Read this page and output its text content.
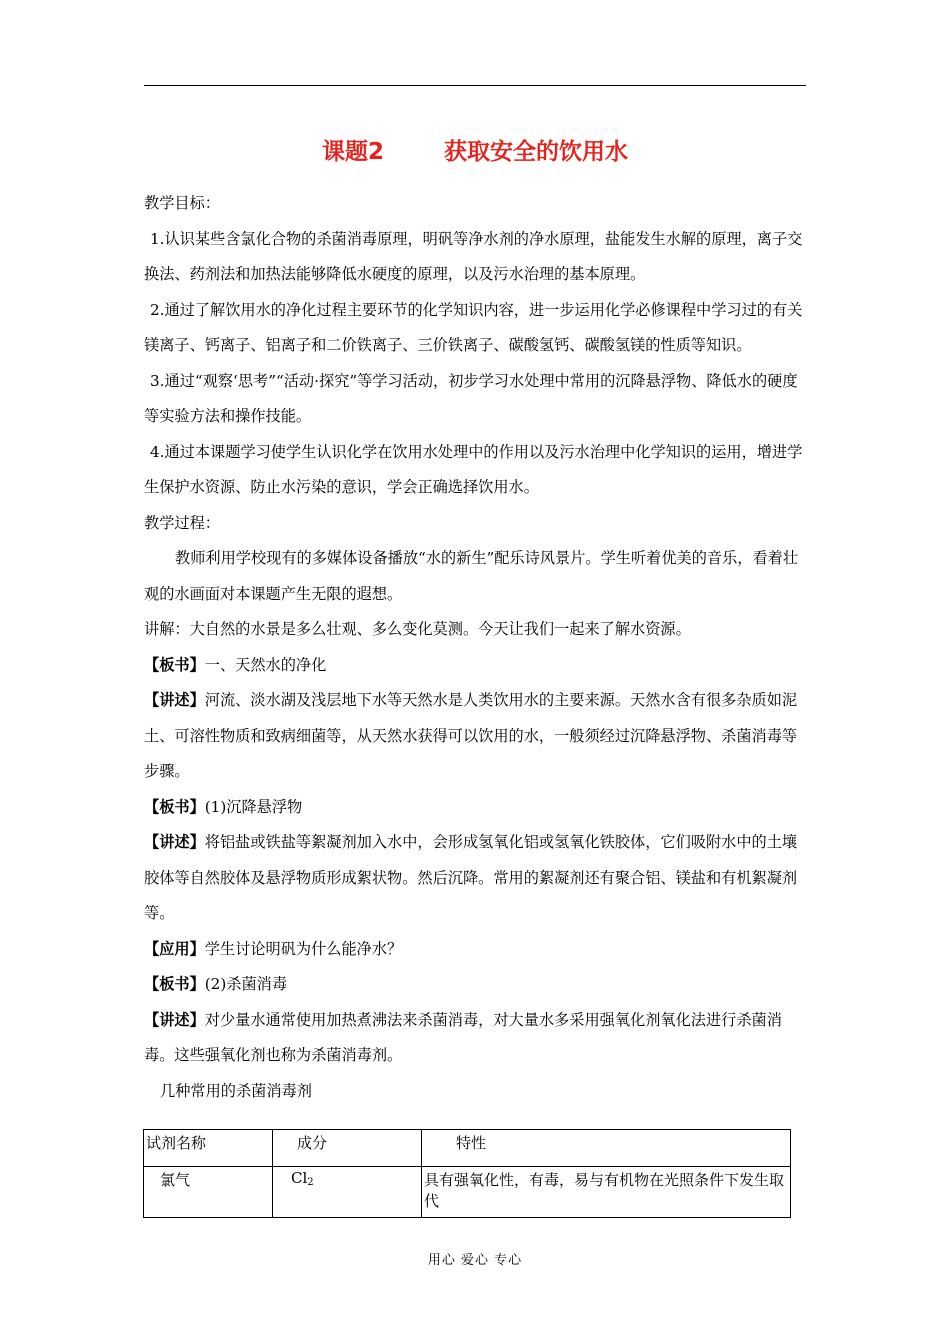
课题2	获取安全的饮用水

教学目标：

1.认识某些含氯化合物的杀菌消毒原理，明矾等净水剂的净水原理，盐能发生水解的原理，离子交换法、药剂法和加热法能够降低水硬度的原理，以及污水治理的基本原理。

2.通过了解饮用水的净化过程主要环节的化学知识内容，进一步运用化学必修课程中学习过的有关镁离子、钙离子、铝离子和二价铁离子、三价铁离子、碳酸氢钙、碳酸氢镁的性质等知识。

3.通过“观察‘思考”“活动·探究”等学习活动，初步学习水处理中常用的沉降悬浮物、降低水的硬度等实验方法和操作技能。

4.通过本课题学习使学生认识化学在饮用水处理中的作用以及污水治理中化学知识的运用，增进学生保护水资源、防止水污染的意识，学会正确选择饮用水。

教学过程：

教师利用学校现有的多媒体设备播放“水的新生”配乐诗风景片。学生听着优美的音乐，看着壮观的水画面对本课题产生无限的遐想。

讲解：大自然的水景是多么壮观、多么变化莫测。今天让我们一起来了解水资源。

【板书】一、天然水的净化

【讲述】河流、淡水湖及浅层地下水等天然水是人类饮用水的主要来源。天然水含有很多杂质如泥土、可溶性物质和致病细菌等，从天然水获得可以饮用的水，一般须经过沉降悬浮物、杀菌消毒等步骤。

【板书】(1)沉降悬浮物

【讲述】将铝盐或铁盐等絮凝剂加入水中，会形成氢氧化铝或氢氧化铁胶体，它们吸附水中的土壤胶体等自然胶体及悬浮物质形成絮状物。然后沉降。常用的絮凝剂还有聚合铝、镁盐和有机絮凝剂等。

【应用】学生讨论明矾为什么能净水？

【板书】(2)杀菌消毒

【讲述】对少量水通常使用加热煮沸法来杀菌消毒，对大量水多采用强氧化剂氧化法进行杀菌消毒。这些强氧化剂也称为杀菌消毒剂。

几种常用的杀菌消毒剂

试剂名称	成分	特性
氯气	$Cl_2$	具有强氧化性，有毒，易与有机物在光照条件下发生取代
用心 爱心 专心
